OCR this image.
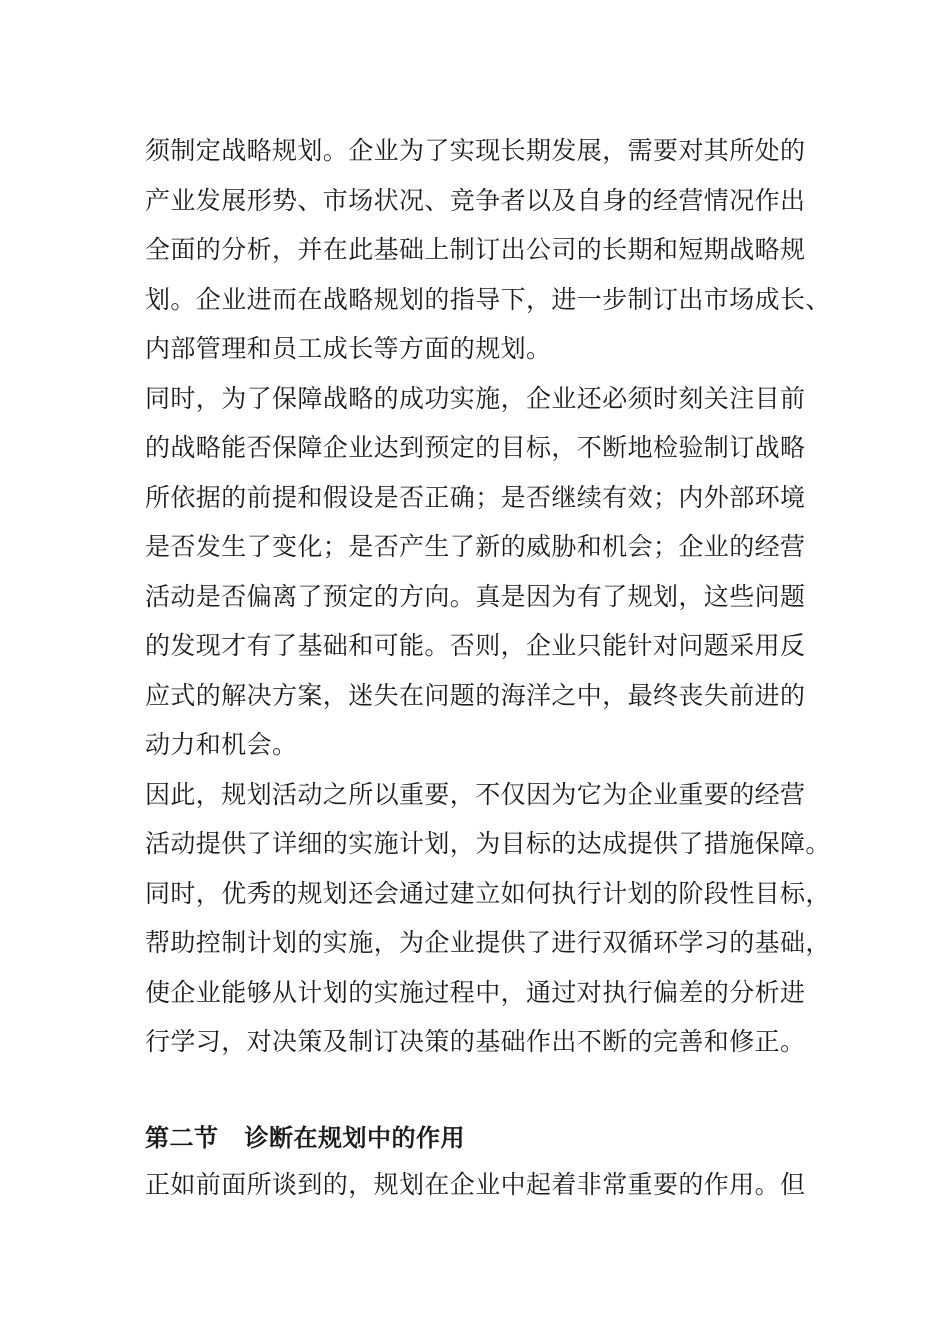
须制定战略规划。企业为了实现长期发展，需要对其所处的
产业发展形势、市场状况、竞争者以及自身的经营情况作出
全面的分析，并在此基础上制订出公司的长期和短期战略规
划。企业进而在战略规划的指导下，进一步制订出市场成长、
内部管理和员工成长等方面的规划。

同时，为了保障战略的成功实施，企业还必须时刻关注目前
的战略能否保障企业达到预定的目标，不断地检验制订战略
所依据的前提和假设是否正确；是否继续有效；内外部环境
是否发生了变化；是否产生了新的威胁和机会；企业的经营
活动是否偏离了预定的方向。真是因为有了规划，这些问题
的发现才有了基础和可能。否则，企业只能针对问题采用反
应式的解决方案，迷失在问题的海洋之中，最终丧失前进的
动力和机会。

因此，规划活动之所以重要，不仅因为它为企业重要的经营
活动提供了详细的实施计划，为目标的达成提供了措施保障。
同时，优秀的规划还会通过建立如何执行计划的阶段性目标，
帮助控制计划的实施，为企业提供了进行双循环学习的基础，
使企业能够从计划的实施过程中，通过对执行偏差的分析进
行学习，对决策及制订决策的基础作出不断的完善和修正。

第二节 诊断在规划中的作用

正如前面所谈到的，规划在企业中起着非常重要的作用。但
